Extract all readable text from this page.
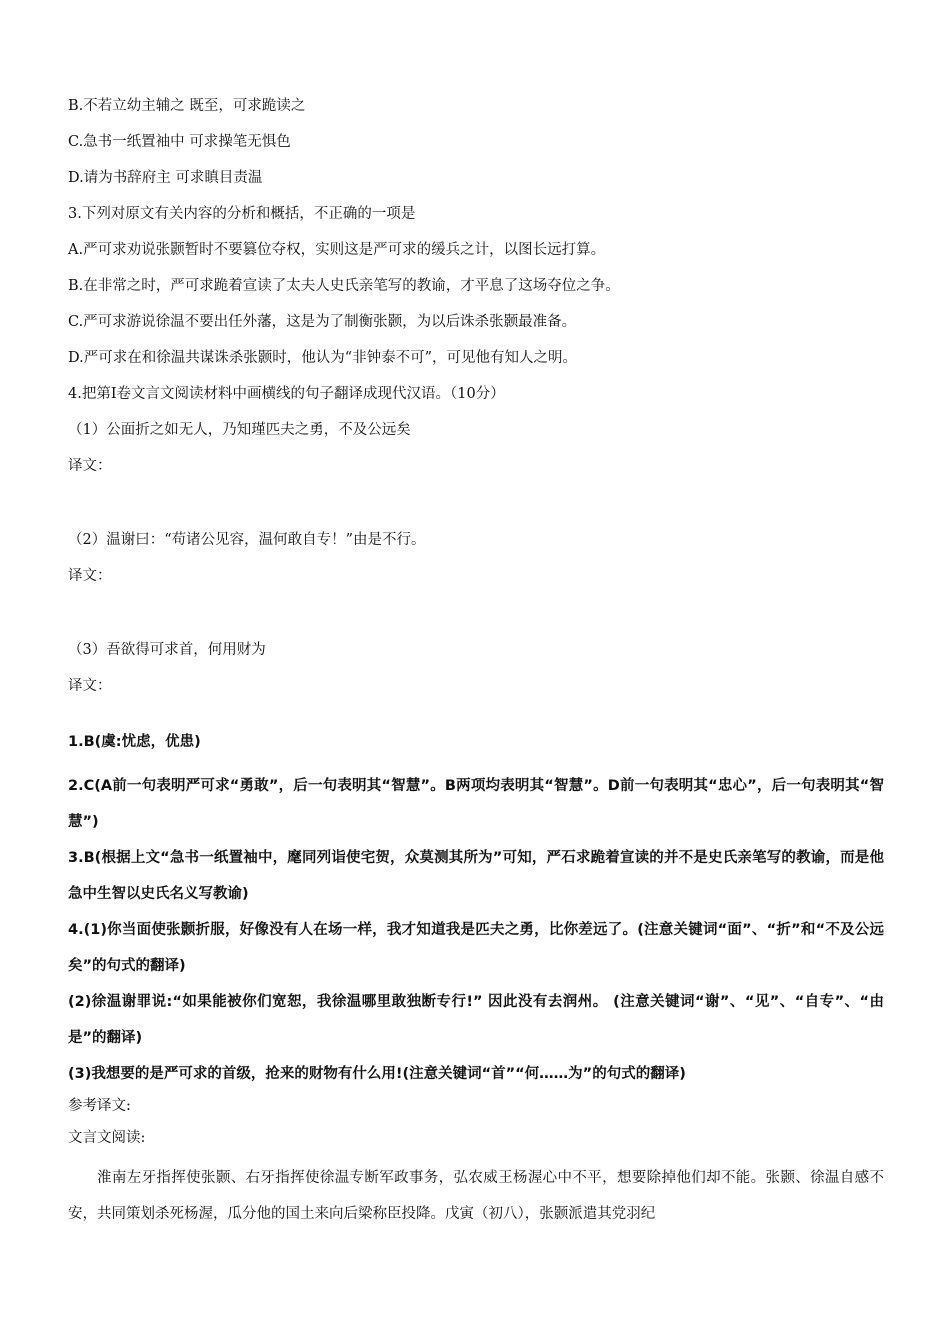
B.不若立幼主辅之 既至，可求跪读之
C.急书一纸置袖中 可求操笔无惧色
D.请为书辞府主 可求瞋目责温
3.下列对原文有关内容的分析和概括，不正确的一项是
A.严可求劝说张颢暂时不要篡位夺权，实则这是严可求的缓兵之计，以图长远打算。
B.在非常之时，严可求跪着宣读了太夫人史氏亲笔写的教谕，才平息了这场夺位之争。
C.严可求游说徐温不要出任外藩，这是为了制衡张颢，为以后诛杀张颢最准备。
D.严可求在和徐温共谋诛杀张颢时，他认为“非钟泰不可”，可见他有知人之明。
4.把第Ⅰ卷文言文阅读材料中画横线的句子翻译成现代汉语。（10分）
（1）公面折之如无人，乃知瑾匹夫之勇，不及公远矣
译文：
（2）温谢曰：“苟诸公见容，温何敢自专！”由是不行。
译文：
（3）吾欲得可求首，何用财为
译文：

1.B(虞:忧虑，优患)

2.C(A前一句表明严可求“勇敢”，后一句表明其“智慧”。B两项均表明其“智慧”。D前一句表明其“忠心”，后一句表明其“智慧”)

3.B(根据上文“急书一纸置袖中，麾同列诣使宅贺，众莫测其所为”可知，严石求跪着宣读的并不是史氏亲笔写的教谕，而是他急中生智以史氏名义写教谕)

4.(1)你当面使张颢折服，好像没有人在场一样，我才知道我是匹夫之勇，比你差远了。(注意关键词“面”、“折”和“不及公远矣”的句式的翻译)

(2)徐温谢罪说:“如果能被你们宽恕，我徐温哪里敢独断专行!” 因此没有去润州。 (注意关键词“谢”、“见”、“自专”、“由是”的翻译)

(3)我想要的是严可求的首级，抢来的财物有什么用!(注意关键词“首”“何……为”的句式的翻译)

参考译文:

文言文阅读:

淮南左牙指挥使张颢、右牙指挥使徐温专断军政事务，弘农威王杨渥心中不平，想要除掉他们却不能。张颢、徐温自感不安，共同策划杀死杨渥，瓜分他的国土来向后梁称臣投降。戊寅（初八），张颢派遣其党羽纪
